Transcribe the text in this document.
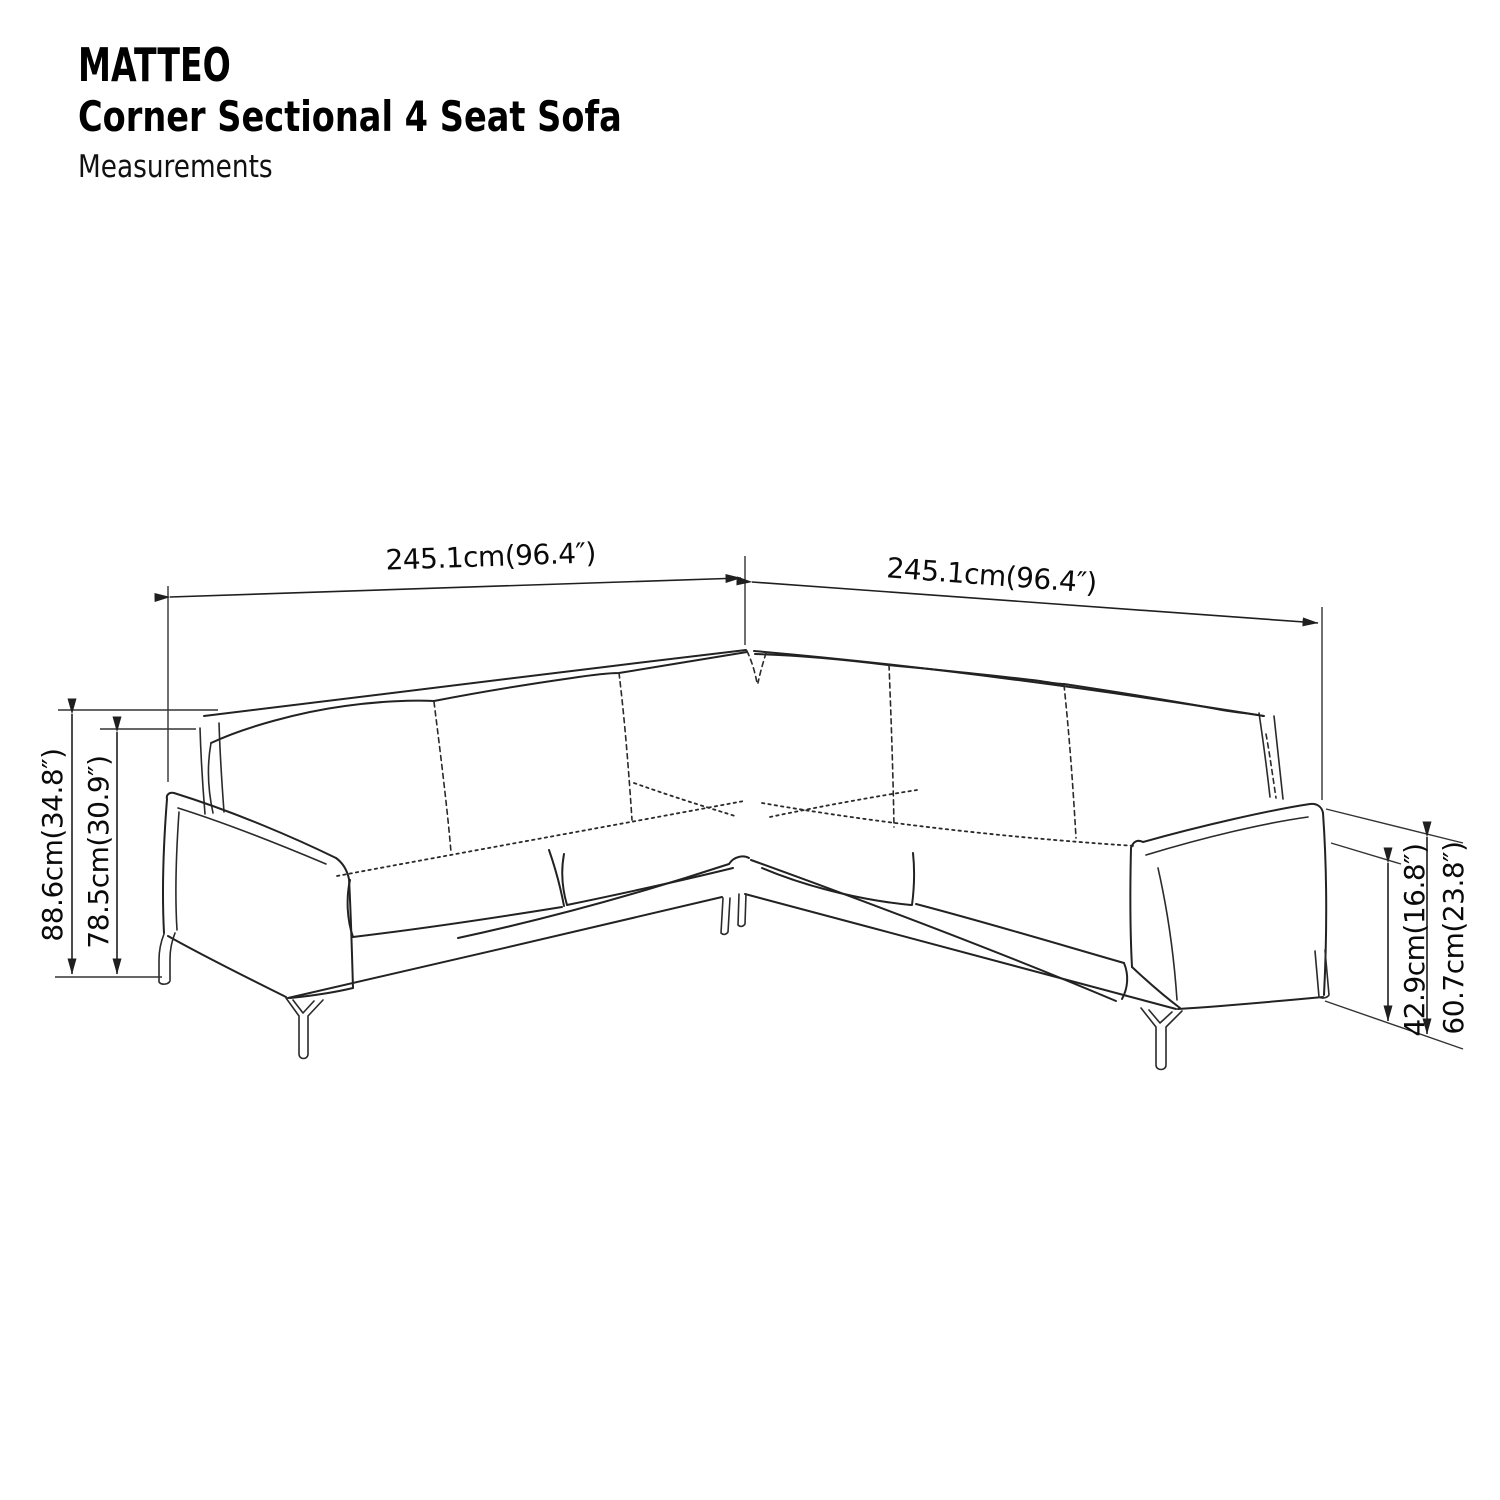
MATTEO
Corner Sectional 4 Seat Sofa
Measurements
245.1cm(96.4″)	245.1cm(96.4″)
88.6cm(34.8″) 78.5cm(30.9″)	42.9cm(16.8″) 60.7cm(23.8″)
